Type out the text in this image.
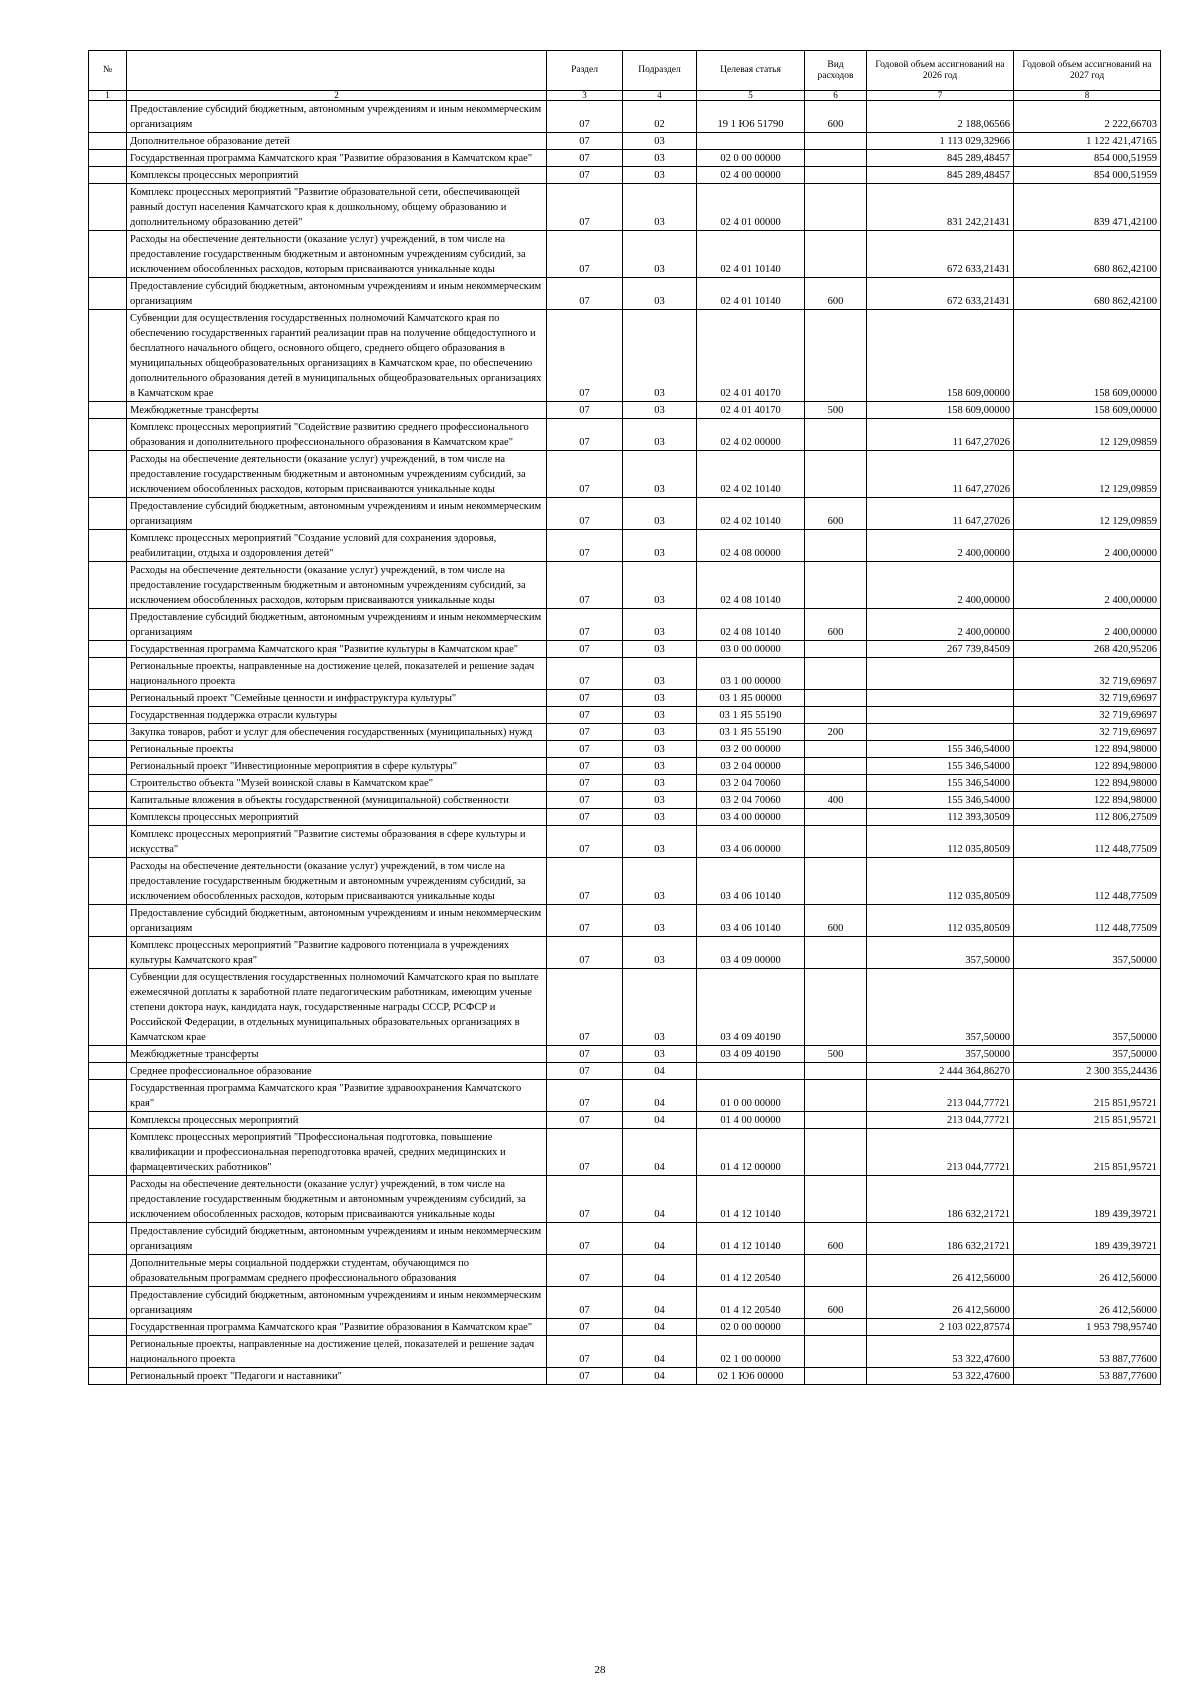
№		Раздел	Подраздел	Целевая статья	Вид расходов	Годовой объем ассигнований на 2026 год	Годовой объем ассигнований на 2027 год
1	2	3	4	5	6	7	8
	Предоставление субсидий бюджетным, автономным учреждениям и иным некоммерческим организациям	07	02	19 1 Ю6 51790	600	2 188,06566	2 222,66703
	Дополнительное образование детей	07	03			1 113 029,32966	1 122 421,47165
	Государственная программа Камчатского края "Развитие образования в Камчатском крае"	07	03	02 0 00 00000		845 289,48457	854 000,51959
	Комплексы процессных мероприятий	07	03	02 4 00 00000		845 289,48457	854 000,51959
	Комплекс процессных мероприятий "Развитие образовательной сети, обеспечивающей равный доступ населения Камчатского края к дошкольному, общему образованию и дополнительному образованию детей"	07	03	02 4 01 00000		831 242,21431	839 471,42100
	Расходы на обеспечение деятельности (оказание услуг) учреждений, в том числе на предоставление государственным бюджетным и автономным учреждениям субсидий, за исключением обособленных расходов, которым присваиваются уникальные коды	07	03	02 4 01 10140		672 633,21431	680 862,42100
	Предоставление субсидий бюджетным, автономным учреждениям и иным некоммерческим организациям	07	03	02 4 01 10140	600	672 633,21431	680 862,42100
	Субвенции для осуществления государственных полномочий Камчатского края по обеспечению государственных гарантий реализации прав на получение общедоступного и бесплатного начального общего, основного общего, среднего общего образования в муниципальных общеобразовательных организациях в Камчатском крае, по обеспечению дополнительного образования детей в муниципальных общеобразовательных организациях в Камчатском крае	07	03	02 4 01 40170		158 609,00000	158 609,00000
	Межбюджетные трансферты	07	03	02 4 01 40170	500	158 609,00000	158 609,00000
	Комплекс процессных мероприятий "Содействие развитию среднего профессионального образования и дополнительного профессионального образования в Камчатском крае"	07	03	02 4 02 00000		11 647,27026	12 129,09859
	Расходы на обеспечение деятельности (оказание услуг) учреждений, в том числе на предоставление государственным бюджетным и автономным учреждениям субсидий, за исключением обособленных расходов, которым присваиваются уникальные коды	07	03	02 4 02 10140		11 647,27026	12 129,09859
	Предоставление субсидий бюджетным, автономным учреждениям и иным некоммерческим организациям	07	03	02 4 02 10140	600	11 647,27026	12 129,09859
	Комплекс процессных мероприятий "Создание условий для сохранения здоровья, реабилитации, отдыха и оздоровления детей"	07	03	02 4 08 00000		2 400,00000	2 400,00000
	Расходы на обеспечение деятельности (оказание услуг) учреждений, в том числе на предоставление государственным бюджетным и автономным учреждениям субсидий, за исключением обособленных расходов, которым присваиваются уникальные коды	07	03	02 4 08 10140		2 400,00000	2 400,00000
	Предоставление субсидий бюджетным, автономным учреждениям и иным некоммерческим организациям	07	03	02 4 08 10140	600	2 400,00000	2 400,00000
	Государственная программа Камчатского края "Развитие культуры в Камчатском крае"	07	03	03 0 00 00000		267 739,84509	268 420,95206
	Региональные проекты, направленные на достижение целей, показателей и решение задач национального проекта	07	03	03 1 00 00000			32 719,69697
	Региональный проект "Семейные ценности и инфраструктура культуры"	07	03	03 1 Я5 00000			32 719,69697
	Государственная поддержка отрасли культуры	07	03	03 1 Я5 55190			32 719,69697
	Закупка товаров, работ и услуг для обеспечения государственных (муниципальных) нужд	07	03	03 1 Я5 55190	200		32 719,69697
	Региональные проекты	07	03	03 2 00 00000		155 346,54000	122 894,98000
	Региональный проект "Инвестиционные мероприятия в сфере культуры"	07	03	03 2 04 00000		155 346,54000	122 894,98000
	Строительство объекта "Музей воинской славы в Камчатском крае"	07	03	03 2 04 70060		155 346,54000	122 894,98000
	Капитальные вложения в объекты государственной (муниципальной) собственности	07	03	03 2 04 70060	400	155 346,54000	122 894,98000
	Комплексы процессных мероприятий	07	03	03 4 00 00000		112 393,30509	112 806,27509
	Комплекс процессных мероприятий "Развитие системы образования в сфере культуры и искусства"	07	03	03 4 06 00000		112 035,80509	112 448,77509
	Расходы на обеспечение деятельности (оказание услуг) учреждений, в том числе на предоставление государственным бюджетным и автономным учреждениям субсидий, за исключением обособленных расходов, которым присваиваются уникальные коды	07	03	03 4 06 10140		112 035,80509	112 448,77509
	Предоставление субсидий бюджетным, автономным учреждениям и иным некоммерческим организациям	07	03	03 4 06 10140	600	112 035,80509	112 448,77509
	Комплекс процессных мероприятий "Развитие кадрового потенциала в учреждениях культуры Камчатского края"	07	03	03 4 09 00000		357,50000	357,50000
	Субвенции для осуществления государственных полномочий Камчатского края по выплате ежемесячной доплаты к заработной плате педагогическим работникам, имеющим ученые степени доктора наук, кандидата наук, государственные награды СССР, РСФСР и Российской Федерации, в отдельных муниципальных образовательных организациях в Камчатском крае	07	03	03 4 09 40190		357,50000	357,50000
	Межбюджетные трансферты	07	03	03 4 09 40190	500	357,50000	357,50000
	Среднее профессиональное образование	07	04			2 444 364,86270	2 300 355,24436
	Государственная программа Камчатского края "Развитие здравоохранения Камчатского края"	07	04	01 0 00 00000		213 044,77721	215 851,95721
	Комплексы процессных мероприятий	07	04	01 4 00 00000		213 044,77721	215 851,95721
	Комплекс процессных мероприятий "Профессиональная подготовка, повышение квалификации и профессиональная переподготовка врачей, средних медицинских и фармацевтических работников"	07	04	01 4 12 00000		213 044,77721	215 851,95721
	Расходы на обеспечение деятельности (оказание услуг) учреждений, в том числе на предоставление государственным бюджетным и автономным учреждениям субсидий, за исключением обособленных расходов, которым присваиваются уникальные коды	07	04	01 4 12 10140		186 632,21721	189 439,39721
	Предоставление субсидий бюджетным, автономным учреждениям и иным некоммерческим организациям	07	04	01 4 12 10140	600	186 632,21721	189 439,39721
	Дополнительные меры социальной поддержки студентам, обучающимся по образовательным программам среднего профессионального образования	07	04	01 4 12 20540		26 412,56000	26 412,56000
	Предоставление субсидий бюджетным, автономным учреждениям и иным некоммерческим организациям	07	04	01 4 12 20540	600	26 412,56000	26 412,56000
	Государственная программа Камчатского края "Развитие образования в Камчатском крае"	07	04	02 0 00 00000		2 103 022,87574	1 953 798,95740
	Региональные проекты, направленные на достижение целей, показателей и решение задач национального проекта	07	04	02 1 00 00000		53 322,47600	53 887,77600
	Региональный проект "Педагоги и наставники"	07	04	02 1 Ю6 00000		53 322,47600	53 887,77600
28
